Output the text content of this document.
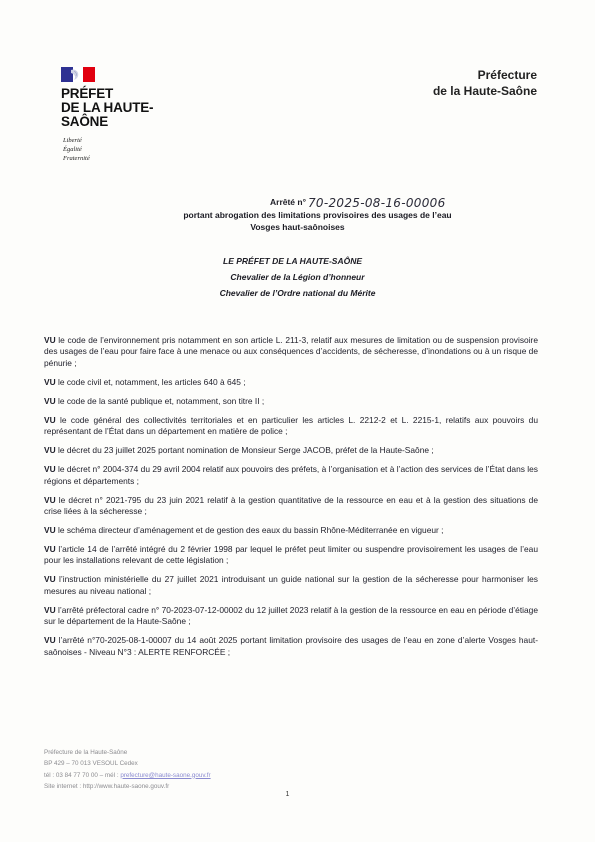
PRÉFET
DE LA HAUTE-
SAÔNE
Liberté
Égalité
Fraternité
Préfecture
de la Haute-Saône
Arrêté n° 70-2025-08-16-00006
portant abrogation des limitations provisoires des usages de l’eau
Vosges haut-saônoises
LE PRÉFET DE LA HAUTE-SAÔNE
Chevalier de la Légion d’honneur
Chevalier de l’Ordre national du Mérite

VU le code de l’environnement pris notamment en son article L. 211-3, relatif aux mesures de limitation ou de suspension provisoire des usages de l’eau pour faire face à une menace ou aux conséquences d’accidents, de sécheresse, d’inondations ou à un risque de pénurie ;

VU le code civil et, notamment, les articles 640 à 645 ;

VU le code de la santé publique et, notamment, son titre II ;

VU le code général des collectivités territoriales et en particulier les articles L. 2212-2 et L. 2215-1, relatifs aux pouvoirs du représentant de l’État dans un département en matière de police ;

VU le décret du 23 juillet 2025 portant nomination de Monsieur Serge JACOB, préfet de la Haute-Saône ;

VU le décret n° 2004-374 du 29 avril 2004 relatif aux pouvoirs des préfets, à l’organisation et à l’action des services de l’État dans les régions et départements ;

VU le décret n° 2021-795 du 23 juin 2021 relatif à la gestion quantitative de la ressource en eau et à la gestion des situations de crise liées à la sécheresse ;

VU le schéma directeur d’aménagement et de gestion des eaux du bassin Rhône-Méditerranée en vigueur ;

VU l’article 14 de l’arrêté intégré du 2 février 1998 par lequel le préfet peut limiter ou suspendre provisoirement les usages de l’eau pour les installations relevant de cette législation ;

VU l’instruction ministérielle du 27 juillet 2021 introduisant un guide national sur la gestion de la sécheresse pour harmoniser les mesures au niveau national ;

VU l’arrêté préfectoral cadre n° 70-2023-07-12-00002 du 12 juillet 2023 relatif à la gestion de la ressource en eau en période d’étiage sur le département de la Haute-Saône ;

VU l’arrêté n°70-2025-08-1-00007 du 14 août 2025 portant limitation provisoire des usages de l’eau en zone d’alerte Vosges haut-saônoises - Niveau N°3 : ALERTE RENFORCÉE ;

Préfecture de la Haute-Saône
BP 429 – 70 013 VESOUL Cedex
tél : 03 84 77 70 00 – mél : prefecture@haute-saone.gouv.fr
Site internet : http://www.haute-saone.gouv.fr
1
